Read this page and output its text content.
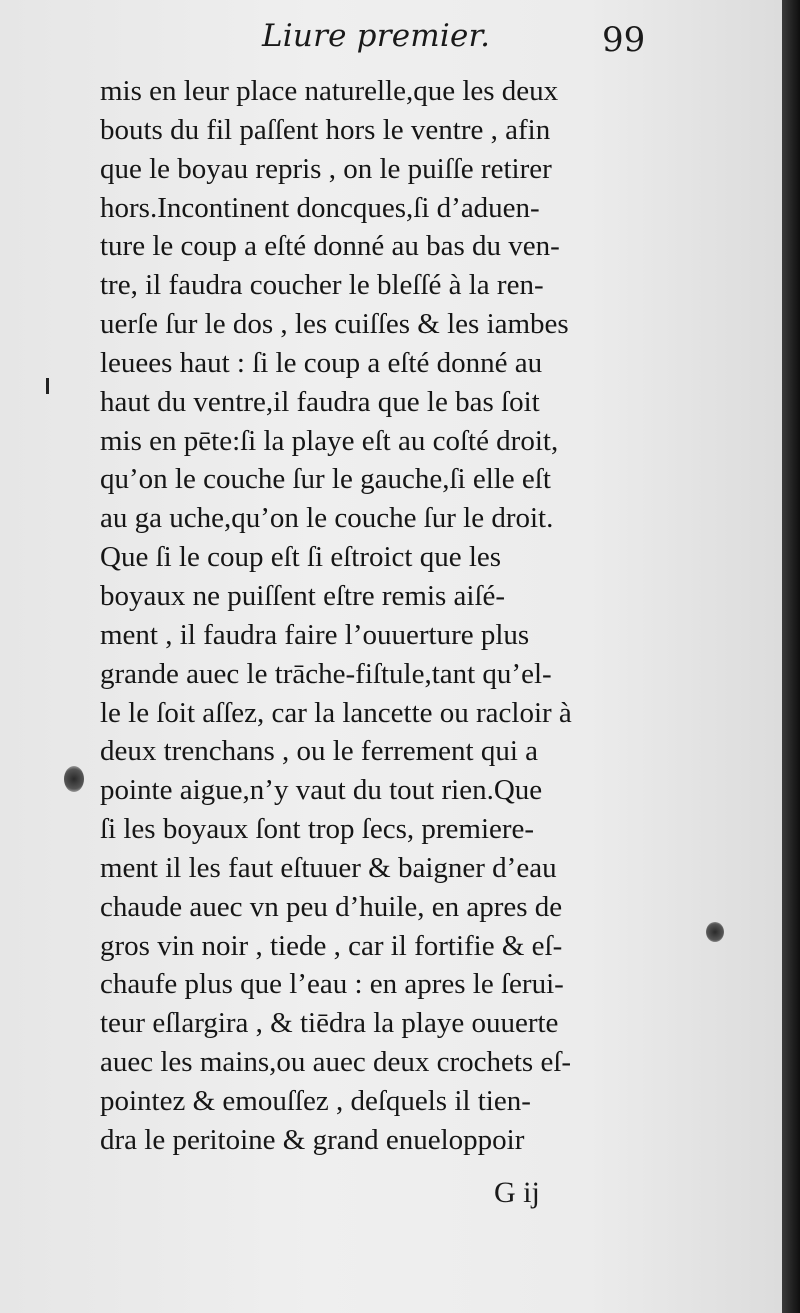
Liure premier.	99
mis en leur place naturelle,que les deux
bouts du fil paſſent hors le ventre , afin
que le boyau repris , on le puiſſe retirer
hors.Incontinent doncques,ſi d’aduen-
ture le coup a eſté donné au bas du ven-
tre, il faudra coucher le bleſſé à la ren-
uerſe ſur le dos , les cuiſſes & les iambes
leuees haut : ſi le coup a eſté donné au
haut du ventre,il faudra que le bas ſoit
mis en pēte:ſi la playe eſt au coſté droit,
qu’on le couche ſur le gauche,ſi elle eſt
au ga uche,qu’on le couche ſur le droit.
Que ſi le coup eſt ſi eſtroict que les
boyaux ne puiſſent eſtre remis aiſé-
ment , il faudra faire l’ouuerture plus
grande auec le trāche-fiſtule,tant qu’el-
le le ſoit aſſez, car la lancette ou racloir à
deux trenchans , ou le ferrement qui a
pointe aigue,n’y vaut du tout rien.Que
ſi les boyaux ſont trop ſecs, premiere-
ment il les faut eſtuuer & baigner d’eau
chaude auec vn peu d’huile, en apres de
gros vin noir , tiede , car il fortifie & eſ-
chaufe plus que l’eau : en apres le ſerui-
teur eſlargira , & tiēdra la playe ouuerte
auec les mains,ou auec deux crochets eſ-
pointez & emouſſez , deſquels il tien-
dra le peritoine & grand enueloppoir
G ij
